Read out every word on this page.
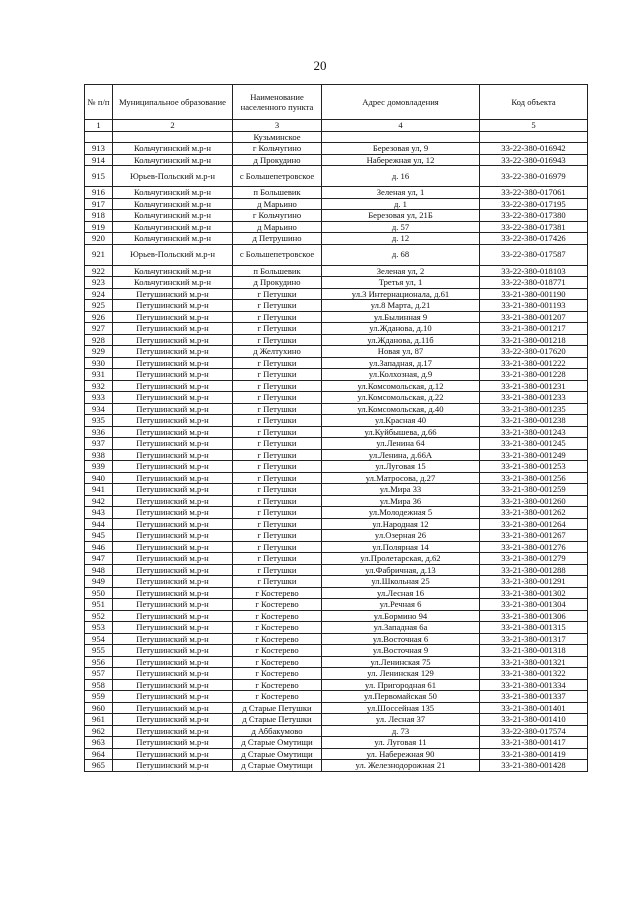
20
№ п/п	Муниципальное образование	Наименование населенного пункта	Адрес домовладения	Код объекта
1	2	3	4	5
		Кузьминское		
913	Кольчугинский м.р-н	г Кольчугино	Березовая ул, 9	33-22-380-016942
914	Кольчугинский м.р-н	д Прокудино	Набережная ул, 12	33-22-380-016943
915	Юрьев-Польский м.р-н	с Большепетровское	д. 16	33-22-380-016979
916	Кольчугинский м.р-н	п Большевик	Зеленая ул, 1	33-22-380-017061
917	Кольчугинский м.р-н	д Марьино	д. 1	33-22-380-017195
918	Кольчугинский м.р-н	г Кольчугино	Березовая ул, 21Б	33-22-380-017380
919	Кольчугинский м.р-н	д Марьино	д. 57	33-22-380-017381
920	Кольчугинский м.р-н	д Петрушино	д. 12	33-22-380-017426
921	Юрьев-Польский м.р-н	с Большепетровское	д. 68	33-22-380-017587
922	Кольчугинский м.р-н	п Большевик	Зеленая ул, 2	33-22-380-018103
923	Кольчугинский м.р-н	д Прокудино	Третья ул, 1	33-22-380-018771
924	Петушинский м.р-н	г Петушки	ул.3 Интернационала, д.61	33-21-380-001190
925	Петушинский м.р-н	г Петушки	ул.8 Марта, д.21	33-21-380-001193
926	Петушинский м.р-н	г Петушки	ул.Былинная 9	33-21-380-001207
927	Петушинский м.р-н	г Петушки	ул.Жданова, д.10	33-21-380-001217
928	Петушинский м.р-н	г Петушки	ул.Жданова, д.11б	33-21-380-001218
929	Петушинский м.р-н	д Желтухино	Новая ул, 87	33-22-380-017620
930	Петушинский м.р-н	г Петушки	ул.Западная, д.17	33-21-380-001222
931	Петушинский м.р-н	г Петушки	ул.Колхозная, д.9	33-21-380-001228
932	Петушинский м.р-н	г Петушки	ул.Комсомольская, д.12	33-21-380-001231
933	Петушинский м.р-н	г Петушки	ул.Комсомольская, д.22	33-21-380-001233
934	Петушинский м.р-н	г Петушки	ул.Комсомольская, д.40	33-21-380-001235
935	Петушинский м.р-н	г Петушки	ул.Красная 40	33-21-380-001238
936	Петушинский м.р-н	г Петушки	ул.Куйбышева, д.66	33-21-380-001243
937	Петушинский м.р-н	г Петушки	ул.Ленина 64	33-21-380-001245
938	Петушинский м.р-н	г Петушки	ул.Ленина, д.66А	33-21-380-001249
939	Петушинский м.р-н	г Петушки	ул.Луговая 15	33-21-380-001253
940	Петушинский м.р-н	г Петушки	ул.Матросова, д.27	33-21-380-001256
941	Петушинский м.р-н	г Петушки	ул.Мира 33	33-21-380-001259
942	Петушинский м.р-н	г Петушки	ул.Мира 36	33-21-380-001260
943	Петушинский м.р-н	г Петушки	ул.Молодежная 5	33-21-380-001262
944	Петушинский м.р-н	г Петушки	ул.Народная 12	33-21-380-001264
945	Петушинский м.р-н	г Петушки	ул.Озерная 26	33-21-380-001267
946	Петушинский м.р-н	г Петушки	ул.Полярная 14	33-21-380-001276
947	Петушинский м.р-н	г Петушки	ул.Пролетарская, д.62	33-21-380-001279
948	Петушинский м.р-н	г Петушки	ул.Фабричная, д.13	33-21-380-001288
949	Петушинский м.р-н	г Петушки	ул.Школьная 25	33-21-380-001291
950	Петушинский м.р-н	г Костерево	ул.Лесная 16	33-21-380-001302
951	Петушинский м.р-н	г Костерево	ул.Речная 6	33-21-380-001304
952	Петушинский м.р-н	г Костерево	ул.Бормино 94	33-21-380-001306
953	Петушинский м.р-н	г Костерево	ул.Западная 6а	33-21-380-001315
954	Петушинский м.р-н	г Костерево	ул.Восточная 6	33-21-380-001317
955	Петушинский м.р-н	г Костерево	ул.Восточная 9	33-21-380-001318
956	Петушинский м.р-н	г Костерево	ул.Ленинская 75	33-21-380-001321
957	Петушинский м.р-н	г Костерево	ул. Ленинская 129	33-21-380-001322
958	Петушинский м.р-н	г Костерево	ул. Пригородная 61	33-21-380-001334
959	Петушинский м.р-н	г Костерево	ул.Первомайская 50	33-21-380-001337
960	Петушинский м.р-н	д Старые Петушки	ул.Шоссейная 135	33-21-380-001401
961	Петушинский м.р-н	д Старые Петушки	ул. Лесная 37	33-21-380-001410
962	Петушинский м.р-н	д Аббакумово	д. 73	33-22-380-017574
963	Петушинский м.р-н	д Старые Омутищи	ул. Луговая 11	33-21-380-001417
964	Петушинский м.р-н	д Старые Омутищи	ул. Набережная 90	33-21-380-001419
965	Петушинский м.р-н	д Старые Омутищи	ул. Железнодорожная 21	33-21-380-001428
